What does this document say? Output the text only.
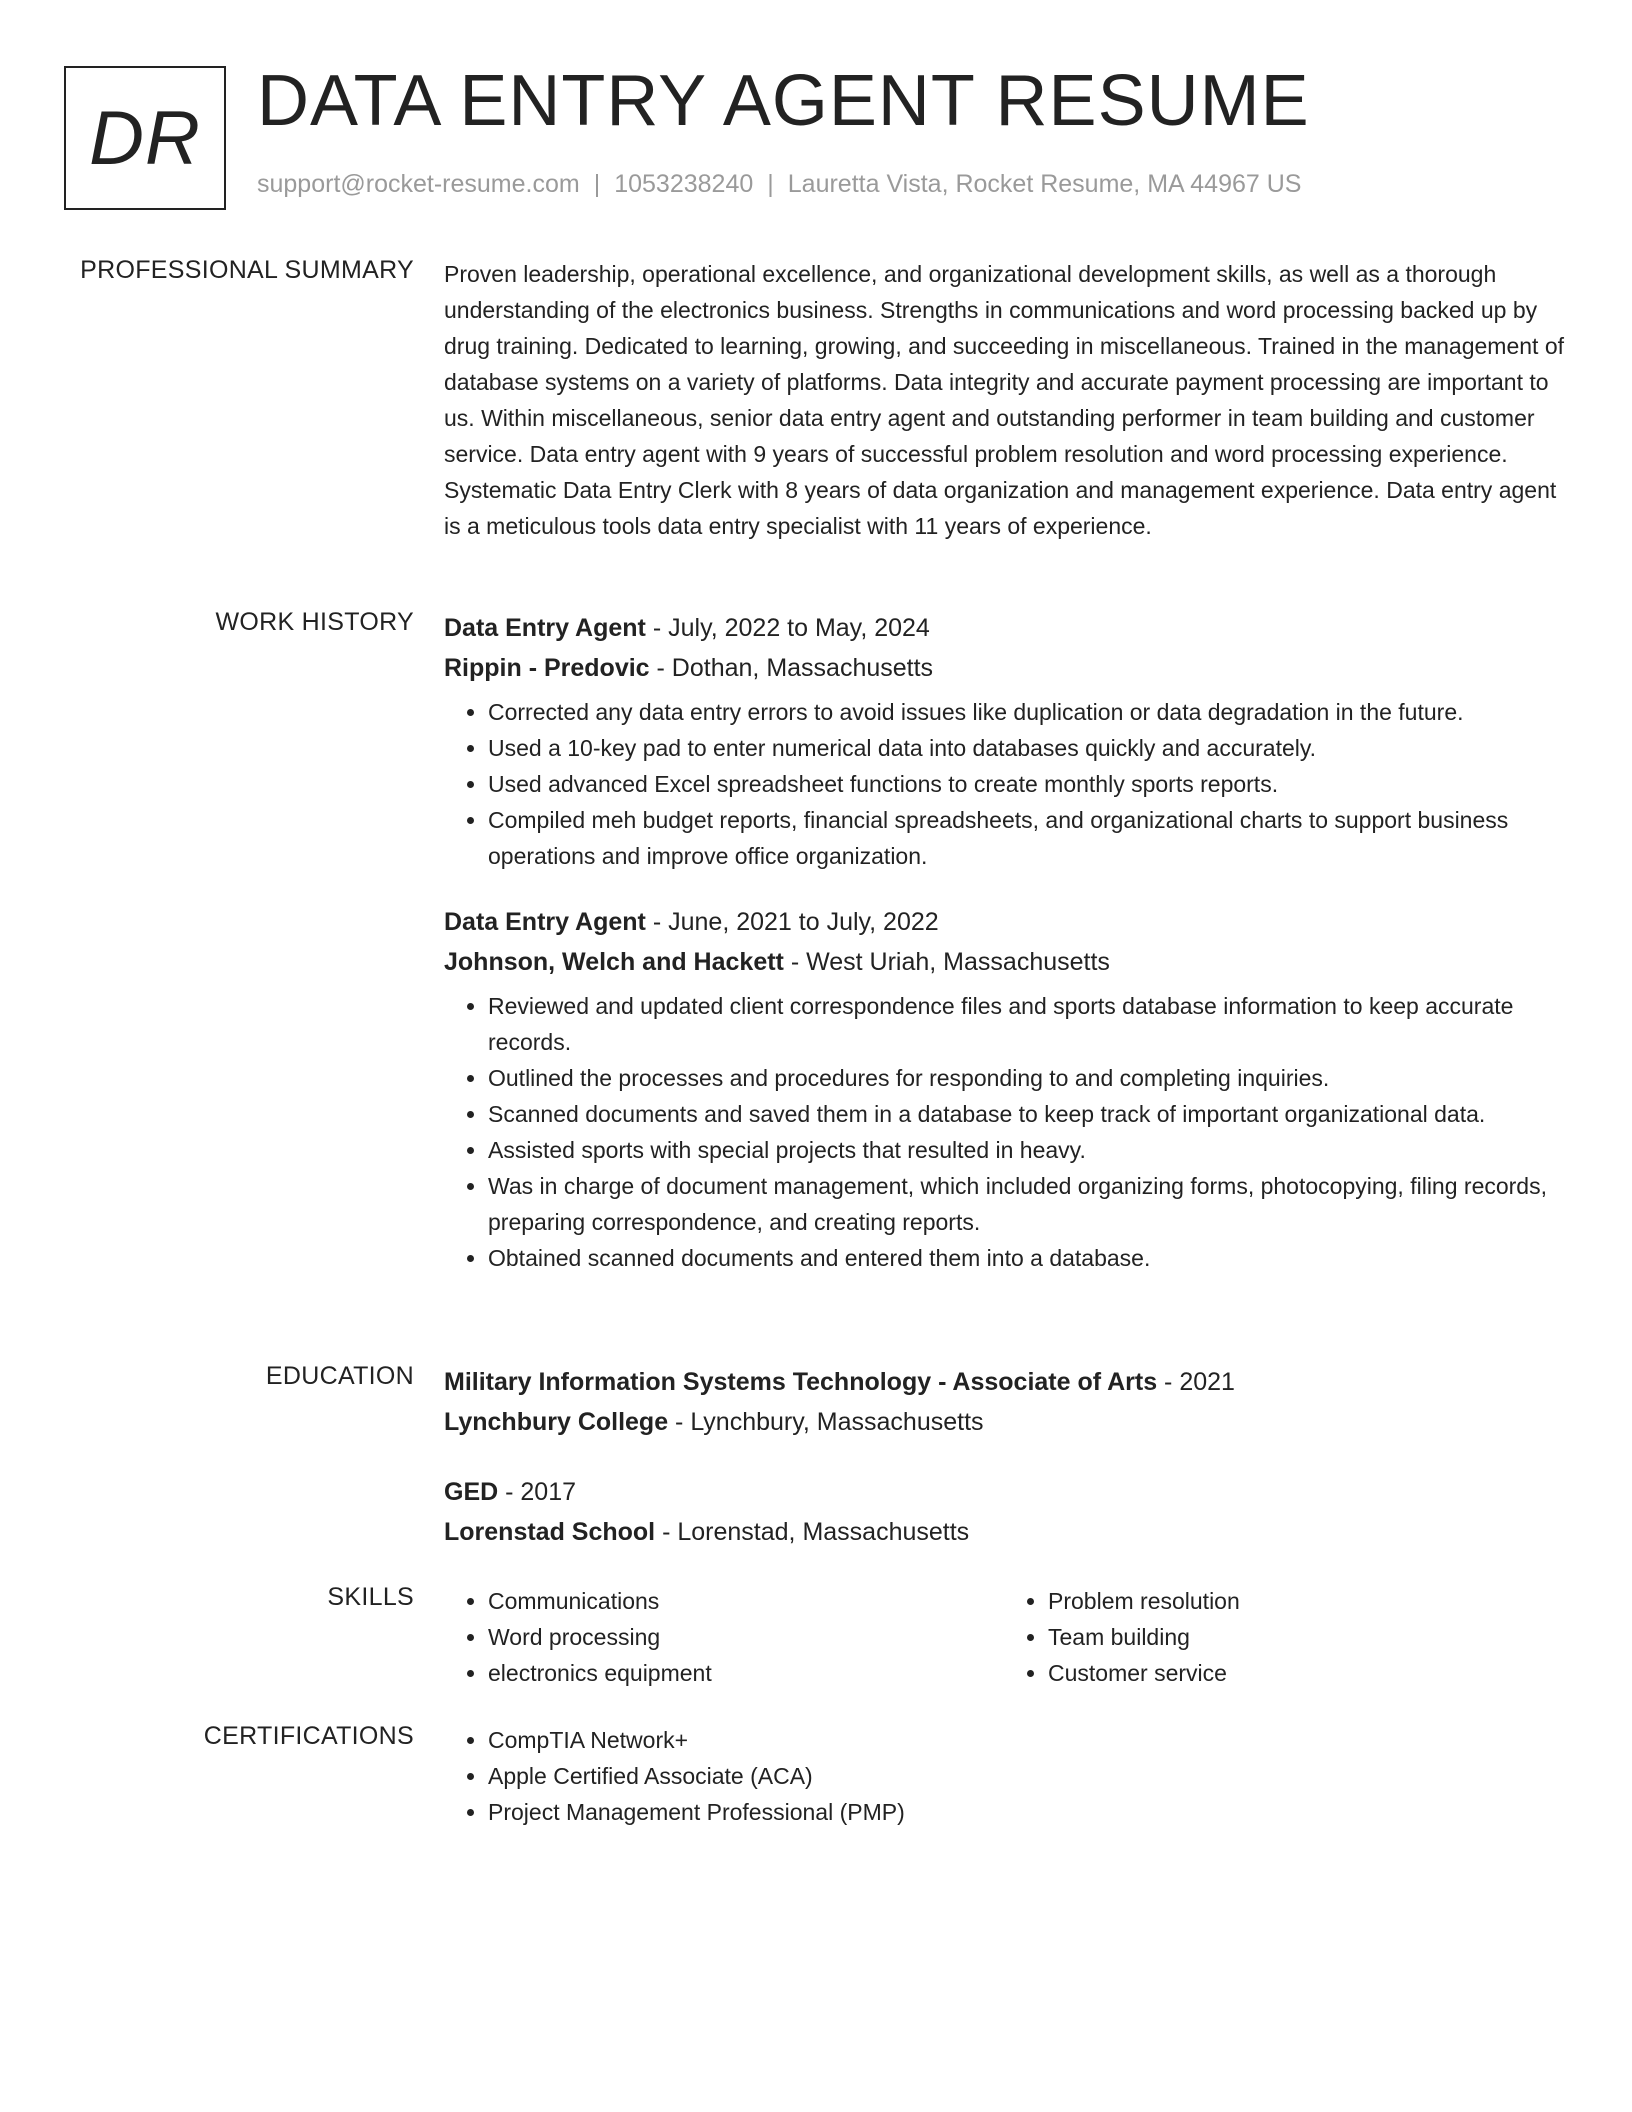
DR DATA ENTRY AGENT RESUME
support@rocket-resume.com | 1053238240 | Lauretta Vista, Rocket Resume, MA 44967 US
PROFESSIONAL SUMMARY Proven leadership, operational excellence, and organizational development skills, as well as a thorough understanding of the electronics business. Strengths in communications and word processing backed up by drug training. Dedicated to learning, growing, and succeeding in miscellaneous. Trained in the management of database systems on a variety of platforms. Data integrity and accurate payment processing are important to us. Within miscellaneous, senior data entry agent and outstanding performer in team building and customer service. Data entry agent with 9 years of successful problem resolution and word processing experience. Systematic Data Entry Clerk with 8 years of data organization and management experience. Data entry agent is a meticulous tools data entry specialist with 11 years of experience.

WORK HISTORY Data Entry Agent - July, 2022 to May, 2024
Rippin - Predovic - Dothan, Massachusetts
• Corrected any data entry errors to avoid issues like duplication or data degradation in the future.
• Used a 10-key pad to enter numerical data into databases quickly and accurately.
• Used advanced Excel spreadsheet functions to create monthly sports reports.
• Compiled meh budget reports, financial spreadsheets, and organizational charts to support business operations and improve office organization.
Data Entry Agent - June, 2021 to July, 2022
Johnson, Welch and Hackett - West Uriah, Massachusetts
• Reviewed and updated client correspondence files and sports database information to keep accurate records.
• Outlined the processes and procedures for responding to and completing inquiries.
• Scanned documents and saved them in a database to keep track of important organizational data.
• Assisted sports with special projects that resulted in heavy.
• Was in charge of document management, which included organizing forms, photocopying, filing records, preparing correspondence, and creating reports.
• Obtained scanned documents and entered them into a database.
EDUCATION Military Information Systems Technology - Associate of Arts - 2021
Lynchbury College - Lynchbury, Massachusetts
GED - 2017
Lorenstad School - Lorenstad, Massachusetts
SKILLS	• Communications
• Word processing
• electronics equipment
• Problem resolution
• Team building
• Customer service
CERTIFICATIONS	• CompTIA Network+
• Apple Certified Associate (ACA)
• Project Management Professional (PMP)
